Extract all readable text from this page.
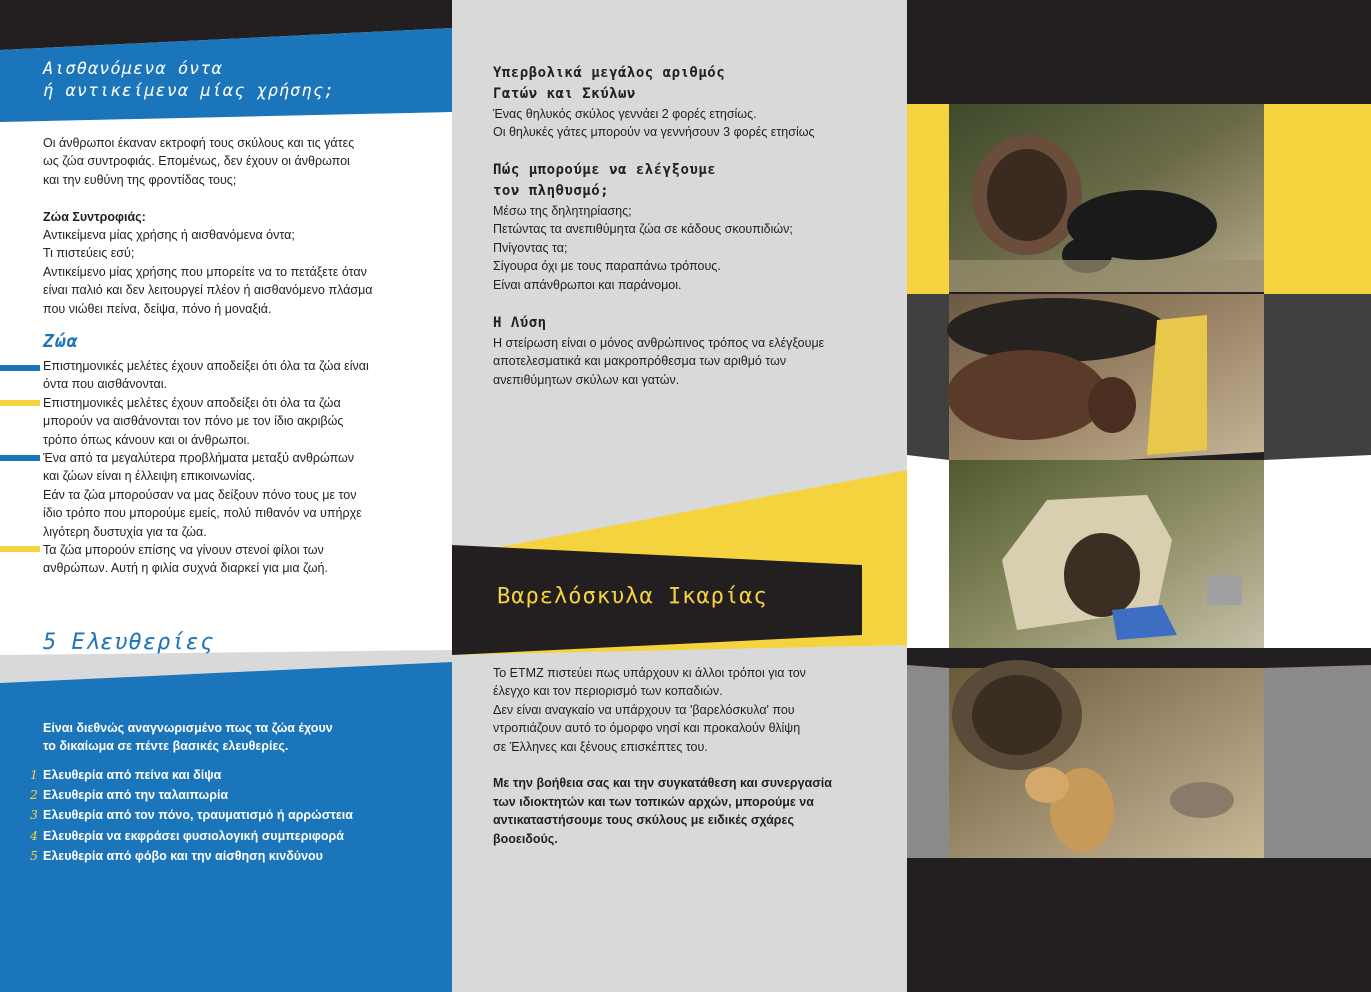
Αισθανόμενα όντα
ή αντικείμενα μίας χρήσης;

Οι άνθρωποι έκαναν εκτροφή τους σκύλους και τις γάτες

ως ζώα συντροφιάς. Επομένως, δεν έχουν οι άνθρωποι

και την ευθύνη της φροντίδας τους;

Ζώα Συντροφιάς:

Αντικείμενα μίας χρήσης ή αισθανόμενα όντα;

Τι πιστεύεις εσύ;

Αντικείμενο μίας χρήσης που μπορείτε να το πετάξετε όταν

είναι παλιό και δεν λειτουργεί πλέον ή αισθανόμενο πλάσμα

που νιώθει πείνα, δείψα, πόνο ή μοναξιά.

Ζώα

Επιστημονικές μελέτες έχουν αποδείξει ότι όλα τα ζώα είναι

όντα που αισθάνονται.

Επιστημονικές μελέτες έχουν αποδείξει ότι όλα τα ζώα

μπορούν να αισθάνονται τον πόνο με τον ίδιο ακριβώς

τρόπο όπως κάνουν και οι άνθρωποι.

Ένα από τα μεγαλύτερα προβλήματα μεταξύ ανθρώπων

και ζώων είναι η έλλειψη επικοινωνίας.

Εάν τα ζώα μπορούσαν να μας δείξουν πόνο τους με τον

ίδιο τρόπο που μπορούμε εμείς, πολύ πιθανόν να υπήρχε

λιγότερη δυστυχία για τα ζώα.

Τα ζώα μπορούν επίσης να γίνουν στενοί φίλοι των

ανθρώπων. Αυτή η φιλία συχνά διαρκεί για μια ζωή.

5 Ελευθερίες
Είναι διεθνώς αναγνωρισμένο πως τα ζώα έχουν
το δικαίωμα σε πέντε βασικές ελευθερίες.
1 Ελευθερία από πείνα και δίψα
2 Ελευθερία από την ταλαιπωρία
3 Ελευθερία από τον πόνο, τραυματισμό ή αρρώστεια
4 Ελευθερία να εκφράσει φυσιολογική συμπεριφορά
5 Ελευθερία από φόβο και την αίσθηση κινδύνου
Υπερβολικά μεγάλος αριθμός
Γατών και Σκύλων
Ένας θηλυκός σκύλος γεννάει 2 φορές ετησίως.
Οι θηλυκές γάτες μπορούν να γεννήσουν 3 φορές ετησίως
Πώς μπορούμε να ελέγξουμε
τον πληθυσμό;
Μέσω της δηλητηρίασης;
Πετώντας τα ανεπιθύμητα ζώα σε κάδους σκουπιδιών;
Πνίγοντας τα;
Σίγουρα όχι με τους παραπάνω τρόπους.
Είναι απάνθρωποι και παράνομοι.
Η Λύση
Η στείρωση είναι ο μόνος ανθρώπινος τρόπος να ελέγξουμε
αποτελεσματικά και μακροπρόθεσμα των αριθμό των
ανεπιθύμητων σκύλων και γατών.
Βαρελόσκυλα Ικαρίας
Το ΕΤΜΖ πιστεύει πως υπάρχουν κι άλλοι τρόποι για τον
έλεγχο και τον περιορισμό των κοπαδιών.
Δεν είναι αναγκαίο να υπάρχουν τα 'βαρελόσκυλα' που
ντροπιάζουν αυτό το όμορφο νησί και προκαλούν θλίψη
σε Έλληνες και ξένους επισκέπτες του.
Με την βοήθεια σας και την συγκατάθεση και συνεργασία
των ιδιοκτητών και των τοπικών αρχών, μπορούμε να
αντικαταστήσουμε τους σκύλους με ειδικές σχάρες
βοοειδούς.
